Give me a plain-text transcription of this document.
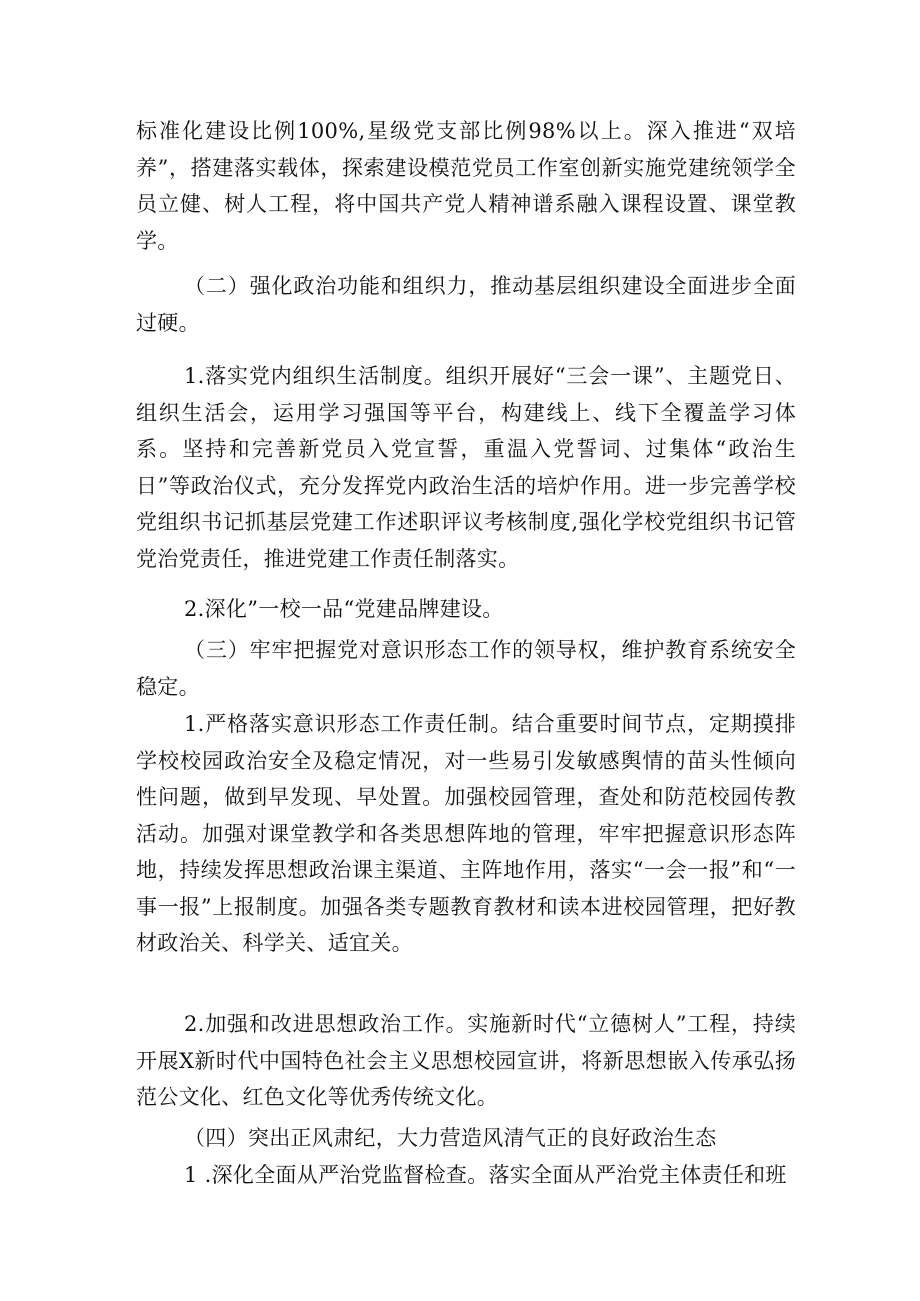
标准化建设比例100%,星级党支部比例98%以上。深入推进“双培养”，搭建落实载体，探索建设模范党员工作室创新实施党建统领学全员立健、树人工程，将中国共产党人精神谱系融入课程设置、课堂教学。

（二）强化政治功能和组织力，推动基层组织建设全面进步全面过硬。

1.落实党内组织生活制度。组织开展好“三会一课”、主题党日、组织生活会，运用学习强国等平台，构建线上、线下全覆盖学习体系。坚持和完善新党员入党宣誓，重温入党誓词、过集体“政治生日”等政治仪式，充分发挥党内政治生活的培炉作用。进一步完善学校党组织书记抓基层党建工作述职评议考核制度,强化学校党组织书记管党治党责任，推进党建工作责任制落实。

2.深化”一校一品“党建品牌建设。

（三）牢牢把握党对意识形态工作的领导权，维护教育系统安全稳定。

1.严格落实意识形态工作责任制。结合重要时间节点，定期摸排学校校园政治安全及稳定情况，对一些易引发敏感舆情的苗头性倾向性问题，做到早发现、早处置。加强校园管理，查处和防范校园传教活动。加强对课堂教学和各类思想阵地的管理，牢牢把握意识形态阵地，持续发挥思想政治课主渠道、主阵地作用，落实“一会一报”和“一事一报”上报制度。加强各类专题教育教材和读本进校园管理，把好教材政治关、科学关、适宜关。

2.加强和改进思想政治工作。实施新时代“立德树人”工程，持续开展X新时代中国特色社会主义思想校园宣讲，将新思想嵌入传承弘扬范公文化、红色文化等优秀传统文化。

（四）突出正风肃纪，大力营造风清气正的良好政治生态

1 .深化全面从严治党监督检查。落实全面从严治党主体责任和班
